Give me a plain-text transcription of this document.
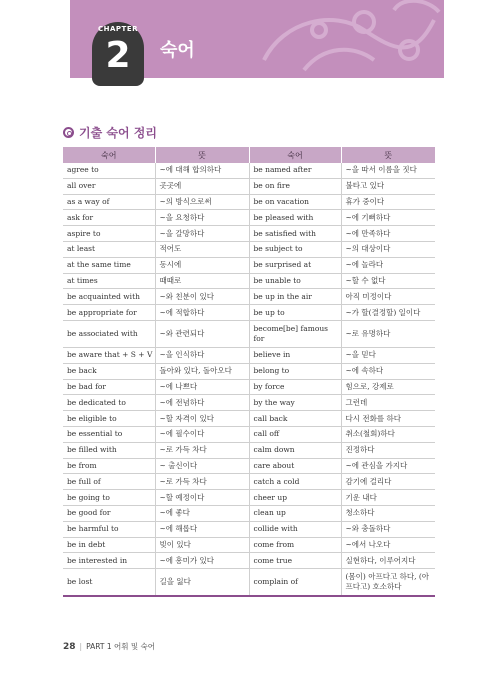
CHAPTER
2	숙어
기출 숙어 정리
숙어	뜻	숙어	뜻
agree to	~에 대해 합의하다	be named after	~을 따서 이름을 짓다
all over	곳곳에	be on fire	불타고 있다
as a way of	~의 방식으로써	be on vacation	휴가 중이다
ask for	~을 요청하다	be pleased with	~에 기뻐하다
aspire to	~을 갈망하다	be satisfied with	~에 만족하다
at least	적어도	be subject to	~의 대상이다
at the same time	동시에	be surprised at	~에 놀라다
at times	때때로	be unable to	~할 수 없다
be acquainted with	~와 친분이 있다	be up in the air	아직 미정이다
be appropriate for	~에 적합하다	be up to	~가 할(결정할) 일이다
be associated with	~와 관련되다	become[be] famous for	~로 유명하다
be aware that + S + V	~을 인식하다	believe in	~을 믿다
be back	돌아와 있다, 돌아오다	belong to	~에 속하다
be bad for	~에 나쁘다	by force	힘으로, 강제로
be dedicated to	~에 전념하다	by the way	그런데
be eligible to	~할 자격이 있다	call back	다시 전화를 하다
be essential to	~에 필수이다	call off	취소(철회)하다
be filled with	~로 가득 차다	calm down	진정하다
be from	~ 출신이다	care about	~에 관심을 가지다
be full of	~로 가득 차다	catch a cold	감기에 걸리다
be going to	~할 예정이다	cheer up	기운 내다
be good for	~에 좋다	clean up	청소하다
be harmful to	~에 해롭다	collide with	~와 충돌하다
be in debt	빚이 있다	come from	~에서 나오다
be interested in	~에 흥미가 있다	come true	실현하다, 이루어지다
be lost	길을 잃다	complain of	(몸이) 아프다고 하다, (아프다고) 호소하다
28 | PART 1 어휘 및 숙어
